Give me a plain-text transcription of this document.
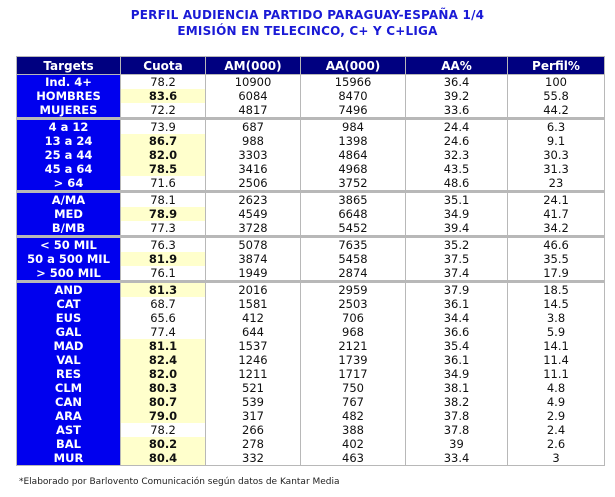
PERFIL AUDIENCIA PARTIDO PARAGUAY-ESPAÑA 1/4
EMISIÓN EN TELECINCO, C+ Y C+LIGA
Targets	Cuota	AM(000)	AA(000)	AA%	Perfil%
Ind. 4+	78.2	10900	15966	36.4	100
HOMBRES	83.6	6084	8470	39.2	55.8
MUJERES	72.2	4817	7496	33.6	44.2
4 a 12	73.9	687	984	24.4	6.3
13 a 24	86.7	988	1398	24.6	9.1
25 a 44	82.0	3303	4864	32.3	30.3
45 a 64	78.5	3416	4968	43.5	31.3
> 64	71.6	2506	3752	48.6	23
A/MA	78.1	2623	3865	35.1	24.1
MED	78.9	4549	6648	34.9	41.7
B/MB	77.3	3728	5452	39.4	34.2
< 50 MIL	76.3	5078	7635	35.2	46.6
50 a 500 MIL	81.9	3874	5458	37.5	35.5
> 500 MIL	76.1	1949	2874	37.4	17.9
AND	81.3	2016	2959	37.9	18.5
CAT	68.7	1581	2503	36.1	14.5
EUS	65.6	412	706	34.4	3.8
GAL	77.4	644	968	36.6	5.9
MAD	81.1	1537	2121	35.4	14.1
VAL	82.4	1246	1739	36.1	11.4
RES	82.0	1211	1717	34.9	11.1
CLM	80.3	521	750	38.1	4.8
CAN	80.7	539	767	38.2	4.9
ARA	79.0	317	482	37.8	2.9
AST	78.2	266	388	37.8	2.4
BAL	80.2	278	402	39	2.6
MUR	80.4	332	463	33.4	3
*Elaborado por Barlovento Comunicación según datos de Kantar Media
